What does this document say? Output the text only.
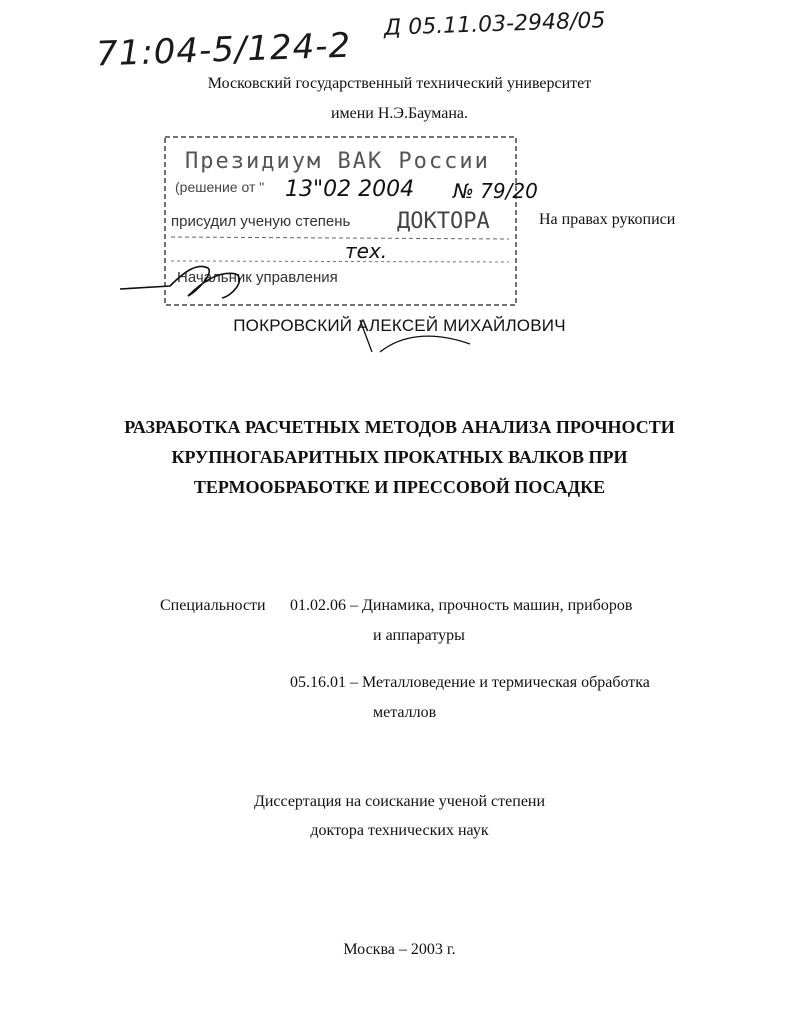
71:04-5/124-2
Д 05.11.03-2948/05
Московский государственный технический университет
имени Н.Э.Баумана.
Президиум ВАК России
(решение от " 13"02 2004 № 79/20
присудил ученую степень ДОКТОРА
тех.
Начальник управления
На правах рукописи
ПОКРОВСКИЙ АЛЕКСЕЙ МИХАЙЛОВИЧ
РАЗРАБОТКА РАСЧЕТНЫХ МЕТОДОВ АНАЛИЗА ПРОЧНОСТИ
КРУПНОГАБАРИТНЫХ ПРОКАТНЫХ ВАЛКОВ ПРИ
ТЕРМООБРАБОТКЕ И ПРЕССОВОЙ ПОСАДКЕ
Специальности 01.02.06 – Динамика, прочность машин, приборов
и аппаратуры
05.16.01 – Металловедение и термическая обработка
металлов
Диссертация на соискание ученой степени
доктора технических наук
Москва – 2003 г.
